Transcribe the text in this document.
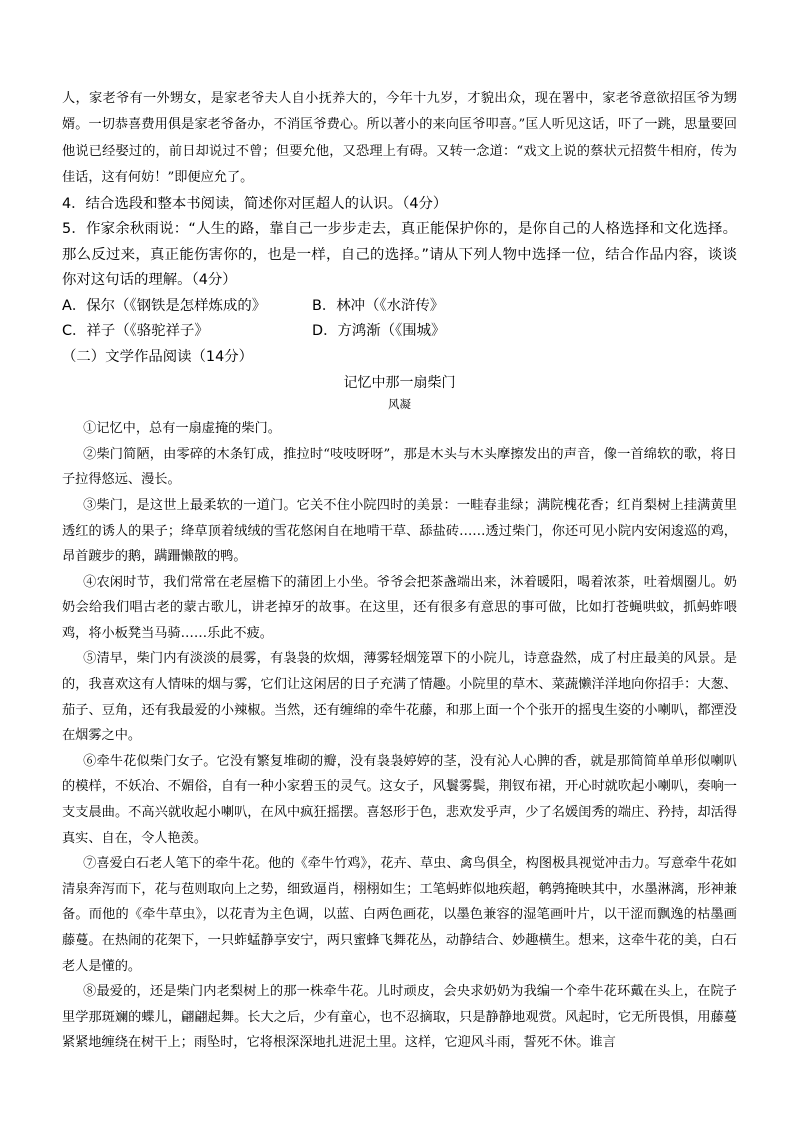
人，家老爷有一外甥女，是家老爷夫人自小抚养大的，今年十九岁，才貌出众，现在署中，家老爷意欲招匡爷为甥婿。一切恭喜费用俱是家老爷备办，不消匡爷费心。所以著小的来向匡爷叩喜。”匡人听见这话，吓了一跳，思量要回他说已经娶过的，前日却说过不曾；但要允他，又恐理上有碍。又转一念道：“戏文上说的蔡状元招赘牛相府，传为佳话，这有何妨！”即便应允了。

4．结合选段和整本书阅读，简述你对匡超人的认识。（4分）

5．作家余秋雨说：“人生的路，靠自己一步步走去，真正能保护你的，是你自己的人格选择和文化选择。那么反过来，真正能伤害你的，也是一样，自己的选择。”请从下列人物中选择一位，结合作品内容，谈谈你对这句话的理解。（4分）

A．保尔（《钢铁是怎样炼成的》	B．林冲（《水浒传》
C．祥子（《骆驼祥子》	D．方鸿渐（《围城》

（二）文学作品阅读（14分）

记忆中那一扇柴门

风凝

①记忆中，总有一扇虚掩的柴门。

②柴门简陋，由零碎的木条钉成，推拉时“吱吱呀呀”，那是木头与木头摩擦发出的声音，像一首绵软的歌，将日子拉得悠远、漫长。

③柴门，是这世上最柔软的一道门。它关不住小院四时的美景：一畦春韭绿；满院槐花香；红肖梨树上挂满黄里透红的诱人的果子；绛草顶着绒绒的雪花悠闲自在地啃干草、舔盐砖……透过柴门，你还可见小院内安闲逡巡的鸡，昂首踱步的鹅，蹒跚懒散的鸭。

④农闲时节，我们常常在老屋檐下的蒲团上小坐。爷爷会把茶盏端出来，沐着暖阳，喝着浓茶，吐着烟圈儿。奶奶会给我们唱古老的蒙古歌儿，讲老掉牙的故事。在这里，还有很多有意思的事可做，比如打苍蝇哄蚊，抓蚂蚱喂鸡，将小板凳当马骑……乐此不疲。

⑤清早，柴门内有淡淡的晨雾，有袅袅的炊烟，薄雾轻烟笼罩下的小院儿，诗意盎然，成了村庄最美的风景。是的，我喜欢这有人情味的烟与雾，它们让这闲居的日子充满了情趣。小院里的草木、菜蔬懒洋洋地向你招手：大葱、茄子、豆角，还有我最爱的小辣椒。当然，还有缠绵的牵牛花藤，和那上面一个个张开的摇曳生姿的小喇叭，都湮没在烟雾之中。

⑥牵牛花似柴门女子。它没有繁复堆砌的瓣，没有袅袅婷婷的茎，没有沁人心脾的香，就是那简简单单形似喇叭的模样，不妖冶、不媚俗，自有一种小家碧玉的灵气。这女子，风鬟雾鬓，荆钗布裙，开心时就吹起小喇叭，奏响一支支晨曲。不高兴就收起小喇叭，在风中疯狂摇摆。喜怒形于色，悲欢发乎声，少了名媛闺秀的端庄、矜持，却活得真实、自在，令人艳羡。

⑦喜爱白石老人笔下的牵牛花。他的《牵牛竹鸡》，花卉、草虫、禽鸟俱全，构图极具视觉冲击力。写意牵牛花如清泉奔泻而下，花与苞则取向上之势，细致逼肖，栩栩如生；工笔蚂蚱似地疾超，鹌鹑掩映其中，水墨淋漓，形神兼备。而他的《牵牛草虫》，以花青为主色调，以蓝、白两色画花，以墨色兼容的湿笔画叶片，以干涩而飘逸的枯墨画藤蔓。在热闹的花架下，一只蚱蜢静享安宁，两只蜜蜂飞舞花丛，动静结合、妙趣横生。想来，这牵牛花的美，白石老人是懂的。

⑧最爱的，还是柴门内老梨树上的那一株牵牛花。儿时顽皮，会央求奶奶为我编一个牵牛花环戴在头上，在院子里学那斑斓的蝶儿，翩翩起舞。长大之后，少有童心，也不忍摘取，只是静静地观赏。风起时，它无所畏惧，用藤蔓紧紧地缠绕在树干上；雨坠时，它将根深深地扎进泥土里。这样，它迎风斗雨，誓死不休。谁言
